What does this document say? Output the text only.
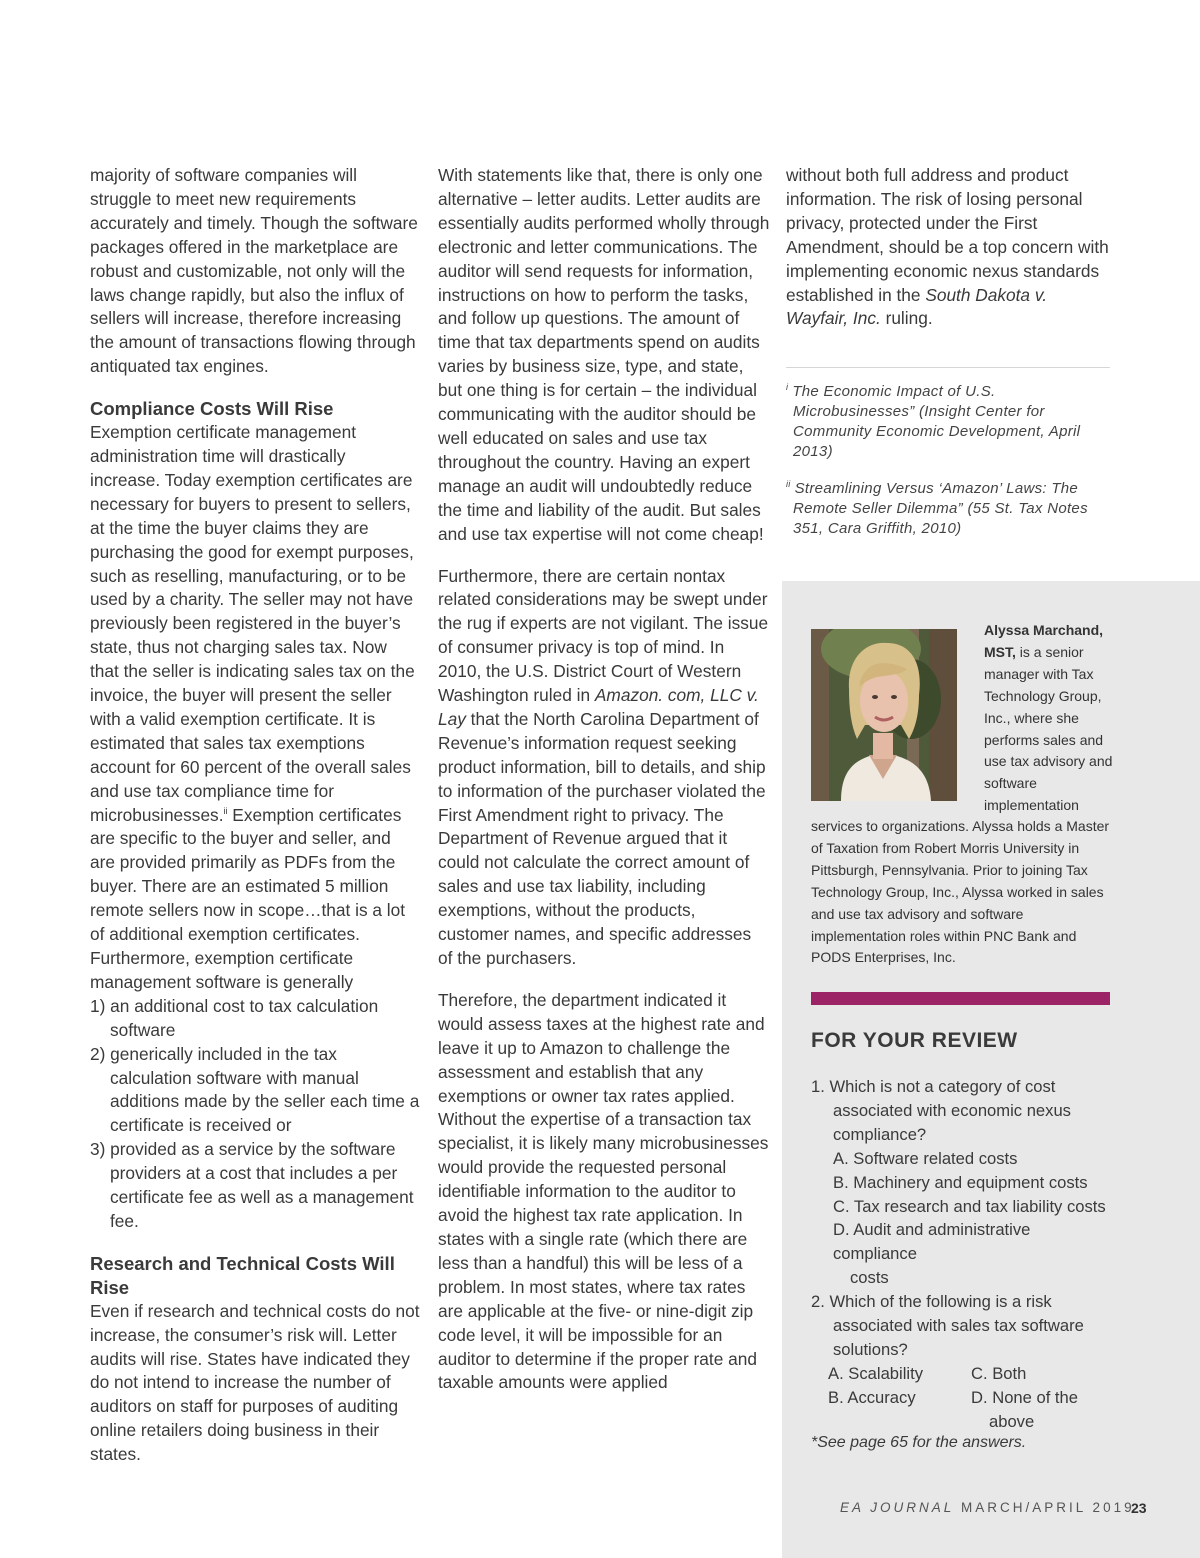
majority of software companies will struggle to meet new requirements accurately and timely. Though the software packages offered in the marketplace are robust and customizable, not only will the laws change rapidly, but also the influx of sellers will increase, therefore increasing the amount of transactions flowing through antiquated tax engines.

Compliance Costs Will Rise

Exemption certificate management administration time will drastically increase. Today exemption certificates are necessary for buyers to present to sellers, at the time the buyer claims they are purchasing the good for exempt purposes, such as reselling, manufacturing, or to be used by a charity. The seller may not have previously been registered in the buyer’s state, thus not charging sales tax. Now that the seller is indicating sales tax on the invoice, the buyer will present the seller with a valid exemption certificate. It is estimated that sales tax exemptions account for 60 percent of the overall sales and use tax compliance time for microbusinesses.$^{ii}$ Exemption certificates are specific to the buyer and seller, and are provided primarily as PDFs from the buyer. There are an estimated 5 million remote sellers now in scope…that is a lot of additional exemption certificates. Furthermore, exemption certificate management software is generally

1) an additional cost to tax calculation software
2) generically included in the tax calculation software with manual additions made by the seller each time a certificate is received or
3) provided as a service by the software providers at a cost that includes a per certificate fee as well as a management fee.
Research and Technical Costs Will Rise

Even if research and technical costs do not increase, the consumer’s risk will. Letter audits will rise. States have indicated they do not intend to increase the number of auditors on staff for purposes of auditing online retailers doing business in their states.

With statements like that, there is only one alternative – letter audits. Letter audits are essentially audits performed wholly through electronic and letter communications. The auditor will send requests for information, instructions on how to perform the tasks, and follow up questions. The amount of time that tax departments spend on audits varies by business size, type, and state, but one thing is for certain – the individual communicating with the auditor should be well educated on sales and use tax throughout the country. Having an expert manage an audit will undoubtedly reduce the time and liability of the audit. But sales and use tax expertise will not come cheap!

Furthermore, there are certain nontax related considerations may be swept under the rug if experts are not vigilant. The issue of consumer privacy is top of mind. In 2010, the U.S. District Court of Western Washington ruled in Amazon. com, LLC v. Lay that the North Carolina Department of Revenue’s information request seeking product information, bill to details, and ship to information of the purchaser violated the First Amendment right to privacy. The Department of Revenue argued that it could not calculate the correct amount of sales and use tax liability, including exemptions, without the products, customer names, and specific addresses of the purchasers.

Therefore, the department indicated it would assess taxes at the highest rate and leave it up to Amazon to challenge the assessment and establish that any exemptions or owner tax rates applied. Without the expertise of a transaction tax specialist, it is likely many microbusinesses would provide the requested personal identifiable information to the auditor to avoid the highest tax rate application. In states with a single rate (which there are less than a handful) this will be less of a problem. In most states, where tax rates are applicable at the five- or nine-digit zip code level, it will be impossible for an auditor to determine if the proper rate and taxable amounts were applied

without both full address and product information. The risk of losing personal privacy, protected under the First Amendment, should be a top concern with implementing economic nexus standards established in the South Dakota v. Wayfair, Inc. ruling.

$^i$ The Economic Impact of U.S. Microbusinesses” (Insight Center for Community Economic Development, April 2013)
$^{ii}$ Streamlining Versus ‘Amazon’ Laws: The Remote Seller Dilemma” (55 St. Tax Notes 351, Cara Griffith, 2010)
Alyssa Marchand, MST, is a senior manager with Tax Technology Group, Inc., where she performs sales and use tax advisory and software implementation
services to organizations. Alyssa holds a Master of Taxation from Robert Morris University in Pittsburgh, Pennsylvania. Prior to joining Tax Technology Group, Inc., Alyssa worked in sales and use tax advisory and software implementation roles within PNC Bank and PODS Enterprises, Inc.
FOR YOUR REVIEW
1. Which is not a category of cost associated with economic nexus compliance?
A. Software related costs
B. Machinery and equipment costs
C. Tax research and tax liability costs
D. Audit and administrative compliance
costs
2. Which of the following is a risk associated with sales tax software solutions?
A. Scalability
B. Accuracy
C. Both
D. None of the
above
*See page 65 for the answers.
EA JOURNAL MARCH/APRIL 2019
23
